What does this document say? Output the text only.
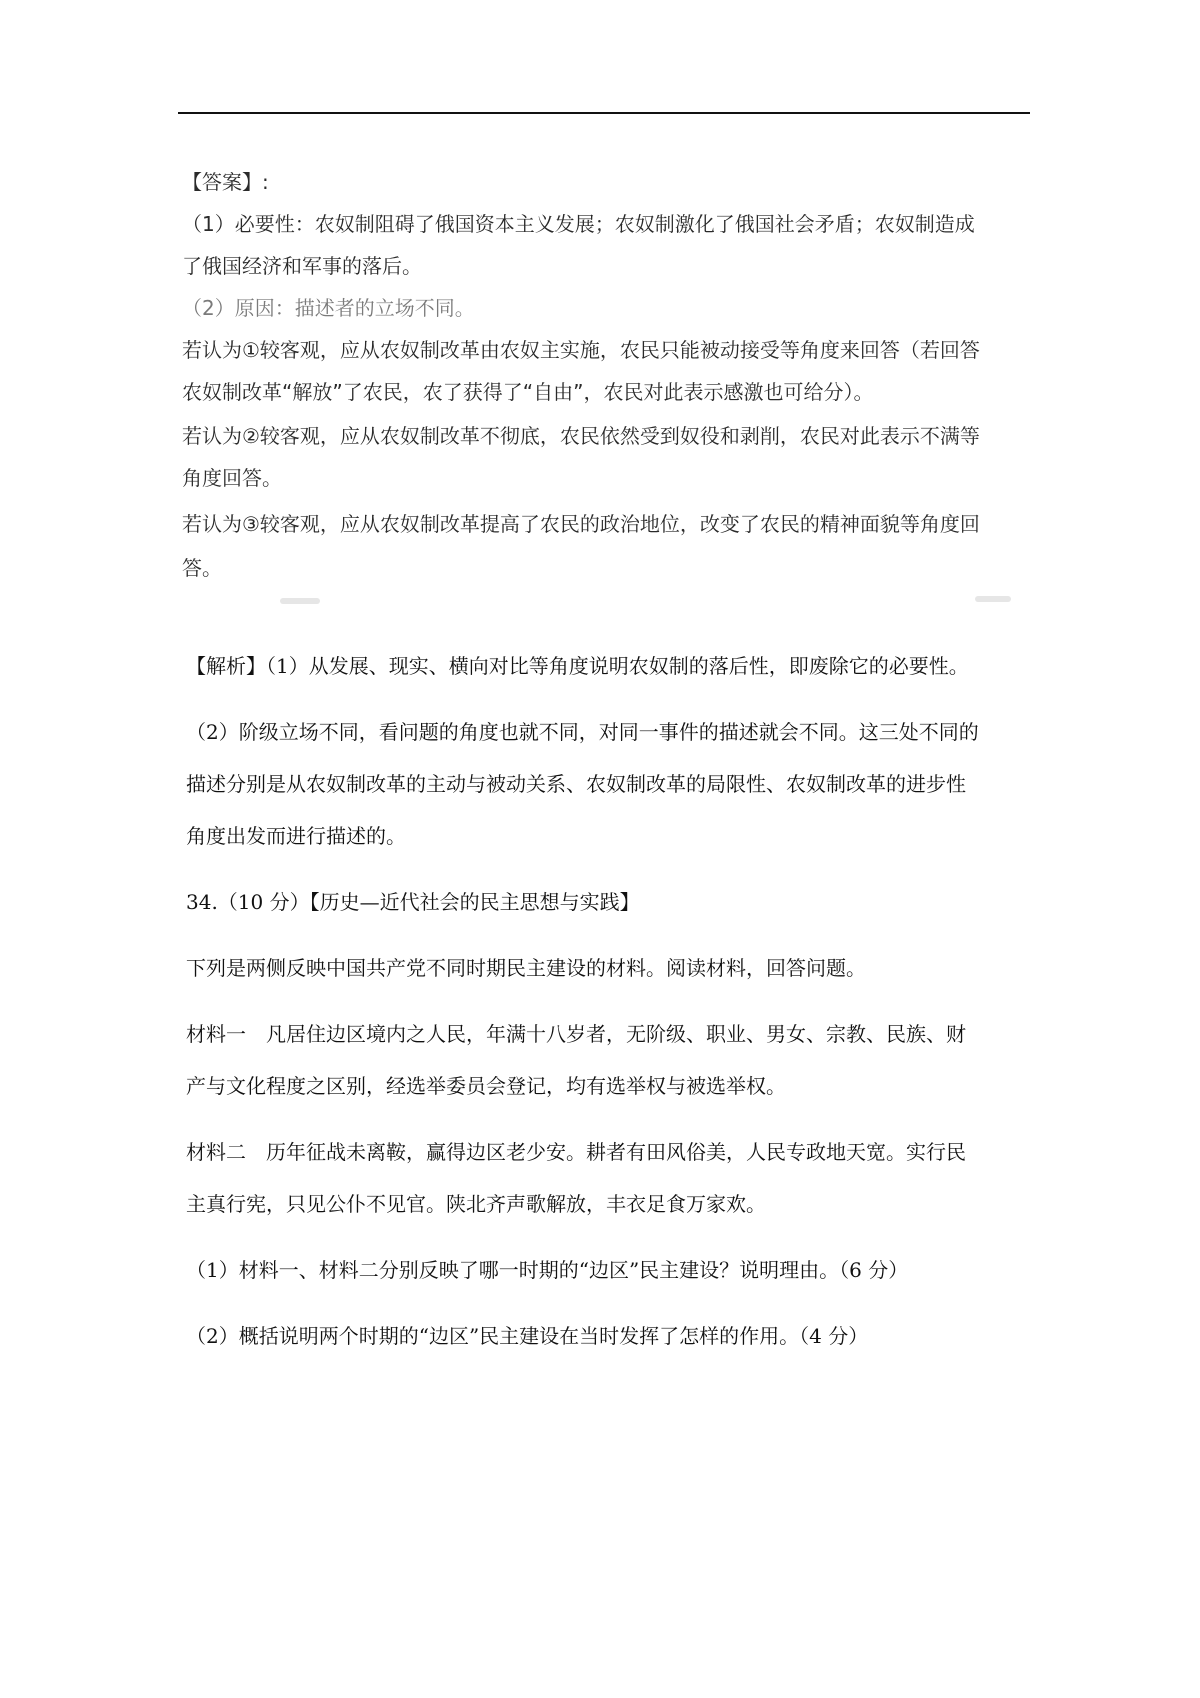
【答案】:
（1）必要性：农奴制阻碍了俄国资本主义发展；农奴制激化了俄国社会矛盾；农奴制造成
了俄国经济和军事的落后。
（2）原因：描述者的立场不同。
若认为①较客观，应从农奴制改革由农奴主实施，农民只能被动接受等角度来回答（若回答
农奴制改革“解放”了农民，农了获得了“自由”，农民对此表示感激也可给分）。
若认为②较客观，应从农奴制改革不彻底，农民依然受到奴役和剥削，农民对此表示不满等
角度回答。
若认为③较客观，应从农奴制改革提高了农民的政治地位，改变了农民的精神面貌等角度回
答。
【解析】（1）从发展、现实、横向对比等角度说明农奴制的落后性，即废除它的必要性。
（2）阶级立场不同，看问题的角度也就不同，对同一事件的描述就会不同。这三处不同的
描述分别是从农奴制改革的主动与被动关系、农奴制改革的局限性、农奴制改革的进步性
角度出发而进行描述的。
34.（10 分）【历史—近代社会的民主思想与实践】
下列是两侧反映中国共产党不同时期民主建设的材料。阅读材料，回答问题。
材料一　凡居住边区境内之人民，年满十八岁者，无阶级、职业、男女、宗教、民族、财
产与文化程度之区别，经选举委员会登记，均有选举权与被选举权。
材料二　历年征战未离鞍，赢得边区老少安。耕者有田风俗美，人民专政地天宽。实行民
主真行宪，只见公仆不见官。陕北齐声歌解放，丰衣足食万家欢。
（1）材料一、材料二分别反映了哪一时期的“边区”民主建设？说明理由。（6 分）
（2）概括说明两个时期的“边区”民主建设在当时发挥了怎样的作用。（4 分）
